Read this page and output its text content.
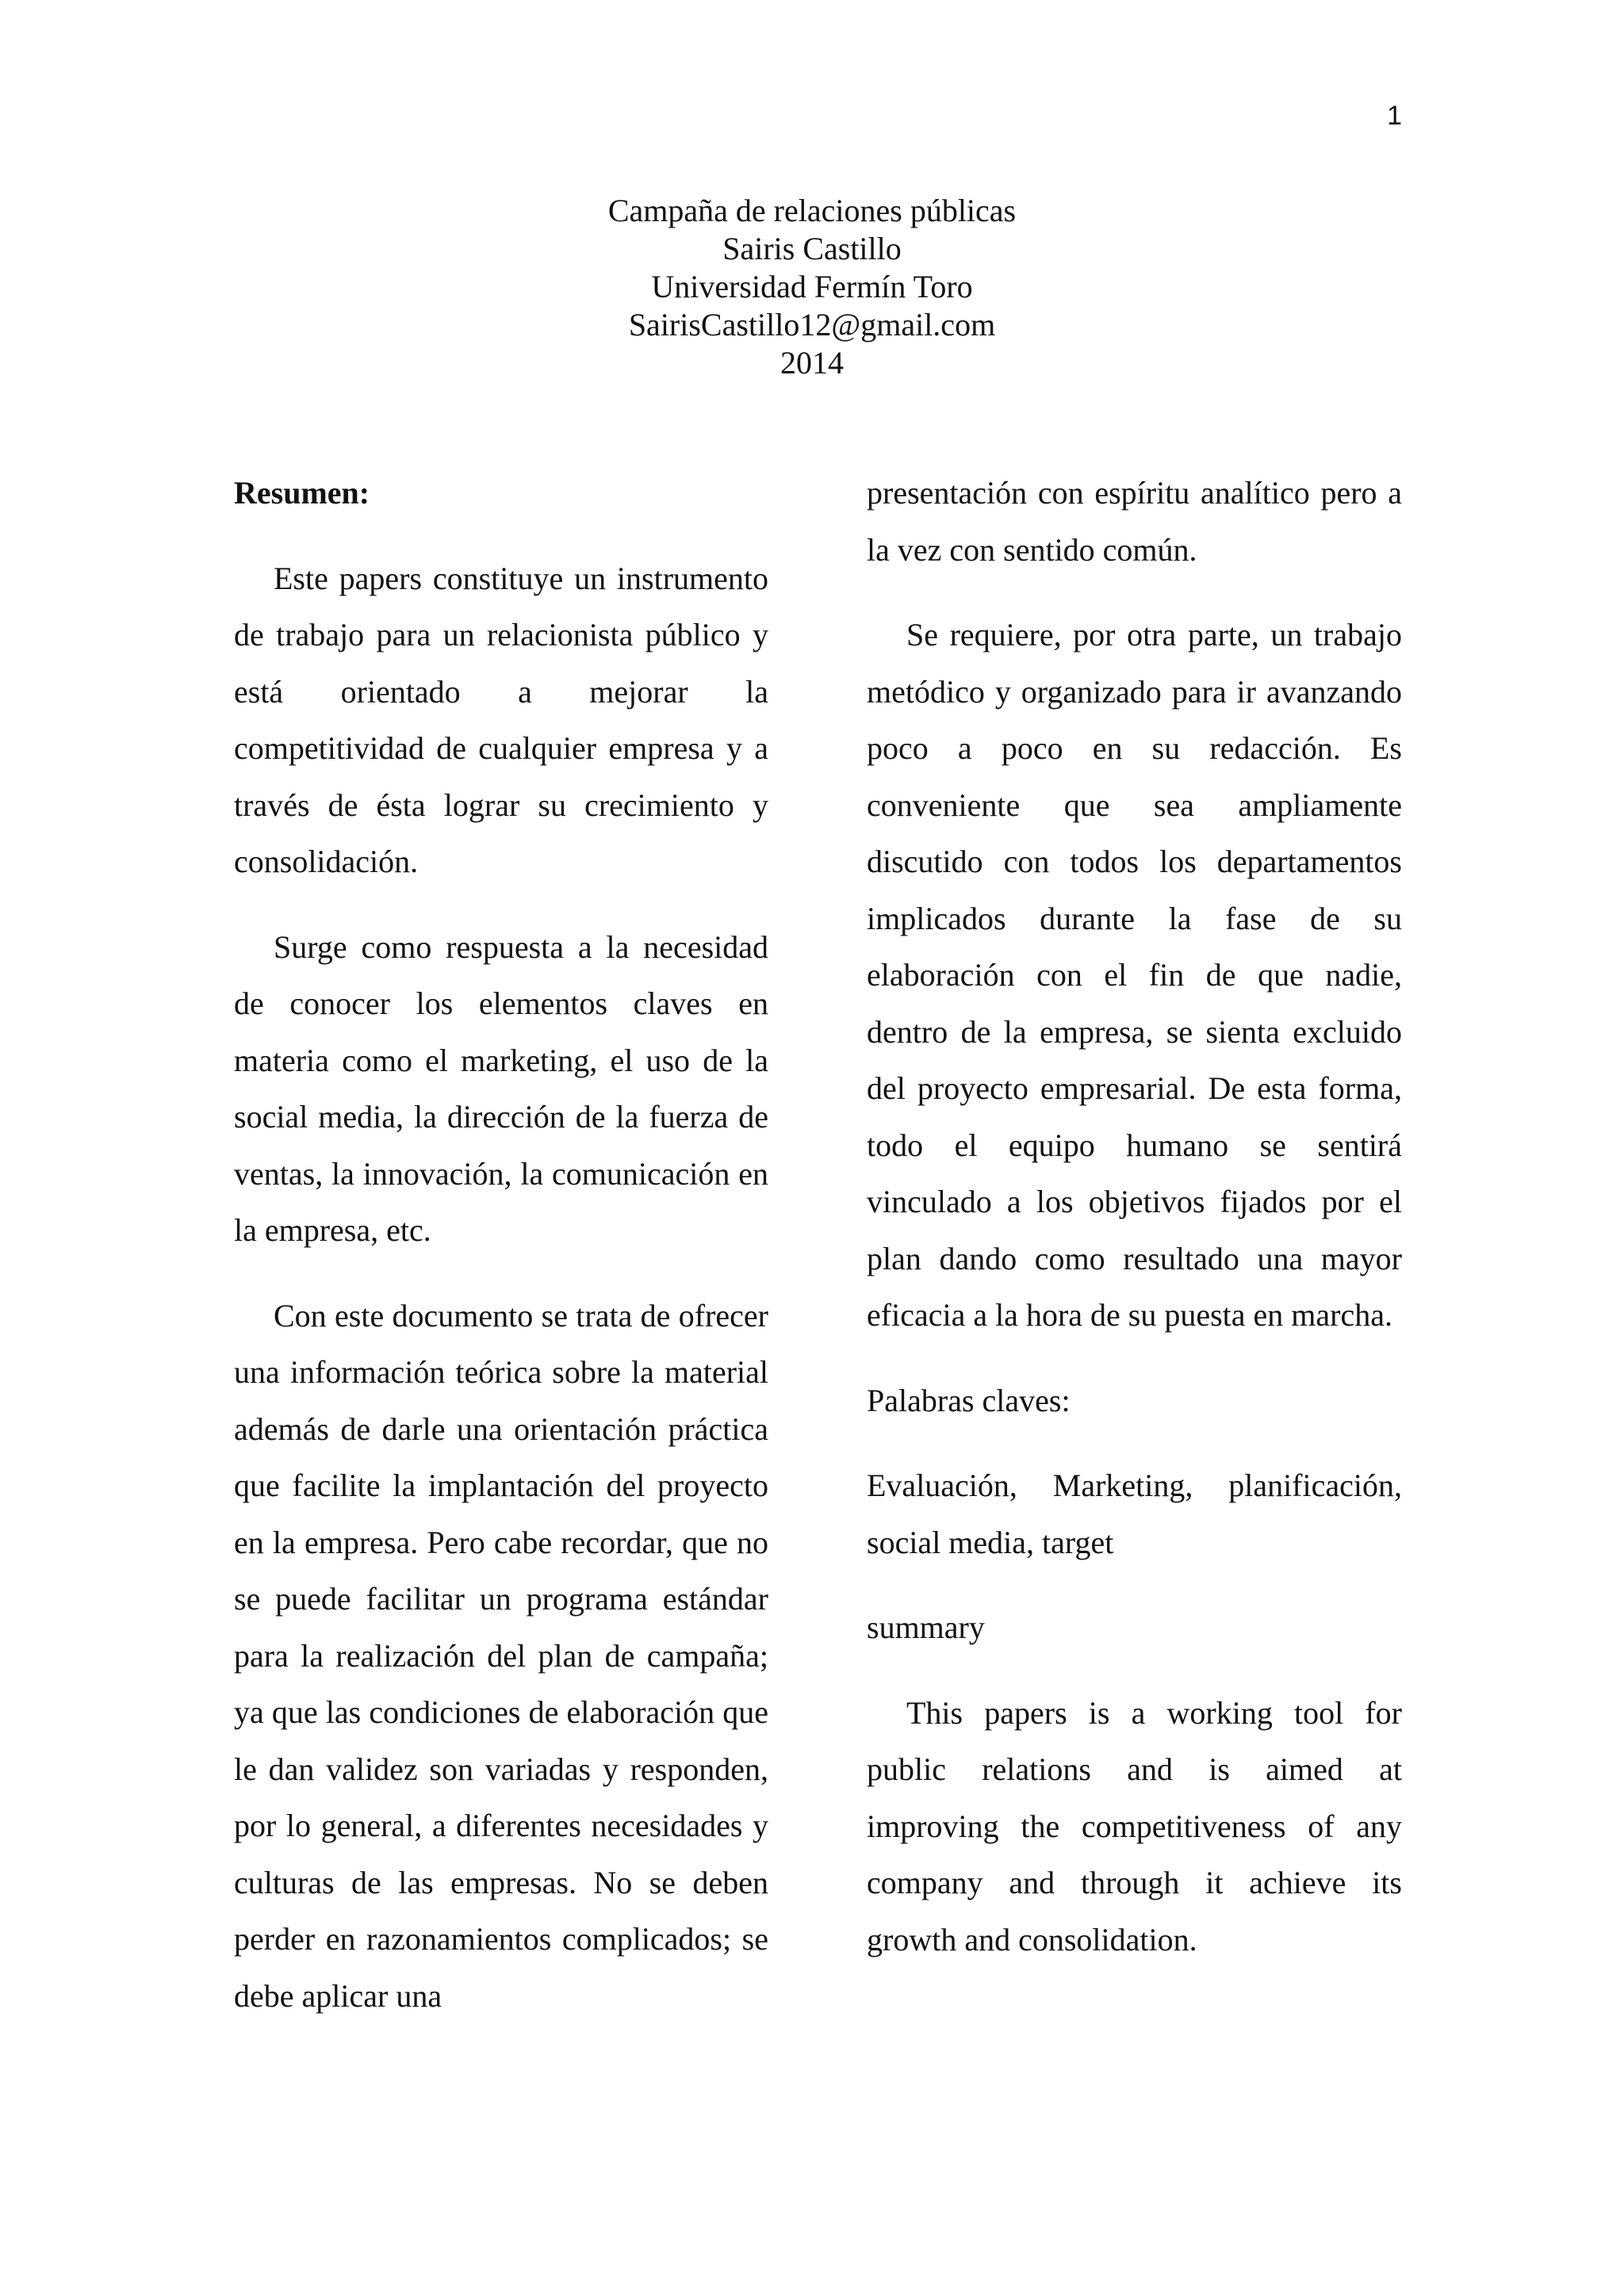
1
Campaña de relaciones públicas
Sairis Castillo
Universidad Fermín Toro
SairisCastillo12@gmail.com
2014
Resumen:

Este papers constituye un instrumento de trabajo para un relacionista público y está orientado a mejorar la competitividad de cualquier empresa y a través de ésta lograr su crecimiento y consolidación.

Surge como respuesta a la necesidad de conocer los elementos claves en materia como el marketing, el uso de la social media, la dirección de la fuerza de ventas, la innovación, la comunicación en la empresa, etc.

Con este documento se trata de ofrecer una información teórica sobre la material además de darle una orientación práctica que facilite la implantación del proyecto en la empresa. Pero cabe recordar, que no se puede facilitar un programa estándar para la realización del plan de campaña; ya que las condiciones de elaboración que le dan validez son variadas y responden, por lo general, a diferentes necesidades y culturas de las empresas. No se deben perder en razonamientos complicados; se debe aplicar una

presentación con espíritu analítico pero a la vez con sentido común.

Se requiere, por otra parte, un trabajo metódico y organizado para ir avanzando poco a poco en su redacción. Es conveniente que sea ampliamente discutido con todos los departamentos implicados durante la fase de su elaboración con el fin de que nadie, dentro de la empresa, se sienta excluido del proyecto empresarial. De esta forma, todo el equipo humano se sentirá vinculado a los objetivos fijados por el plan dando como resultado una mayor eficacia a la hora de su puesta en marcha.

Palabras claves:
Evaluación, Marketing, planificación, social media, target
summary

This papers is a working tool for public relations and is aimed at improving the competitiveness of any company and through it achieve its growth and consolidation.
